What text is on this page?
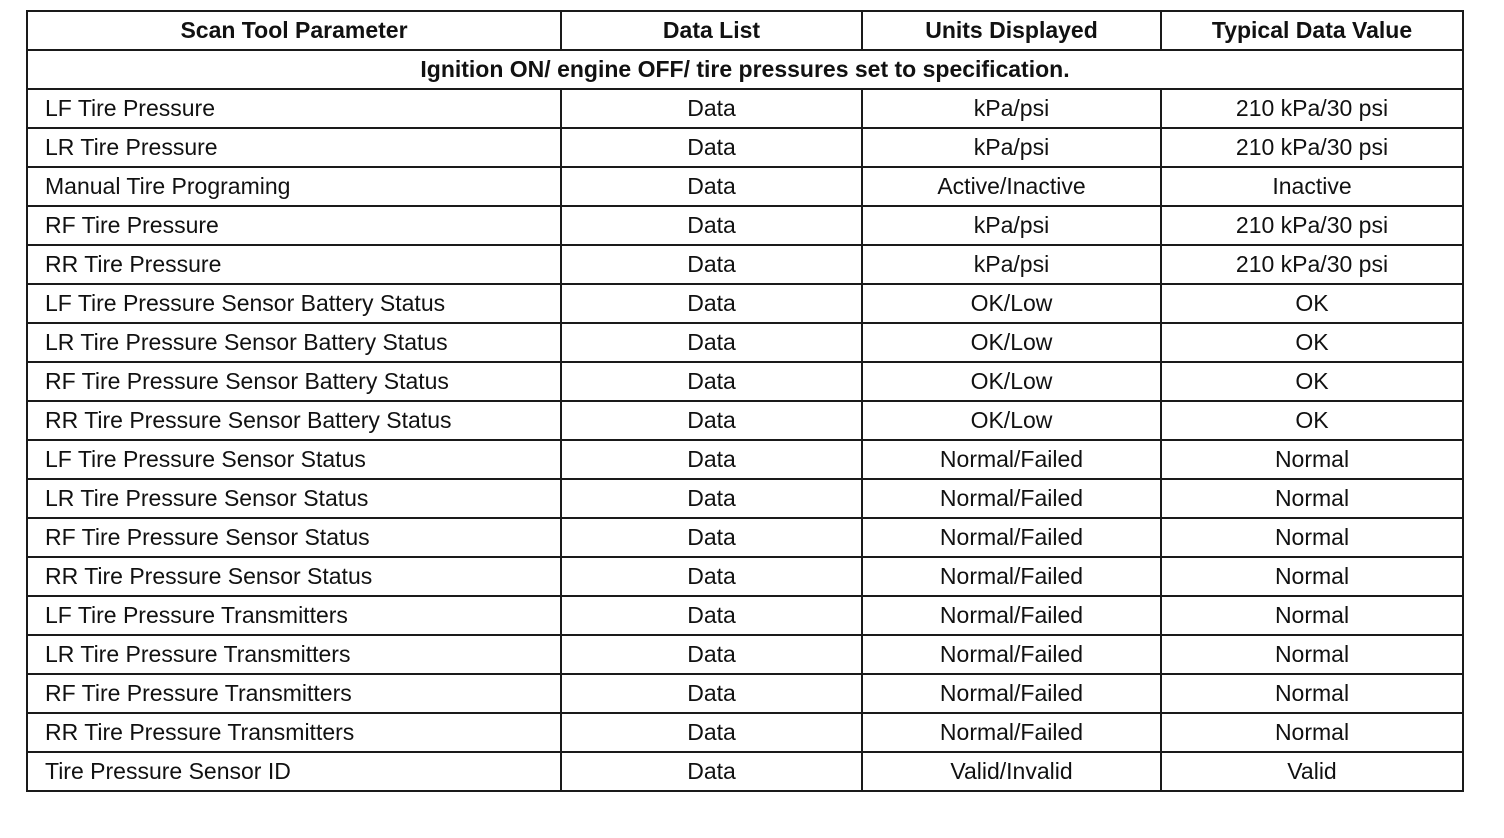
Scan Tool Parameter	Data List	Units Displayed	Typical Data Value
Ignition ON/ engine OFF/ tire pressures set to specification.			
LF Tire Pressure	Data	kPa/psi	210 kPa/30 psi
LR Tire Pressure	Data	kPa/psi	210 kPa/30 psi
Manual Tire Programing	Data	Active/Inactive	Inactive
RF Tire Pressure	Data	kPa/psi	210 kPa/30 psi
RR Tire Pressure	Data	kPa/psi	210 kPa/30 psi
LF Tire Pressure Sensor Battery Status	Data	OK/Low	OK
LR Tire Pressure Sensor Battery Status	Data	OK/Low	OK
RF Tire Pressure Sensor Battery Status	Data	OK/Low	OK
RR Tire Pressure Sensor Battery Status	Data	OK/Low	OK
LF Tire Pressure Sensor Status	Data	Normal/Failed	Normal
LR Tire Pressure Sensor Status	Data	Normal/Failed	Normal
RF Tire Pressure Sensor Status	Data	Normal/Failed	Normal
RR Tire Pressure Sensor Status	Data	Normal/Failed	Normal
LF Tire Pressure Transmitters	Data	Normal/Failed	Normal
LR Tire Pressure Transmitters	Data	Normal/Failed	Normal
RF Tire Pressure Transmitters	Data	Normal/Failed	Normal
RR Tire Pressure Transmitters	Data	Normal/Failed	Normal
Tire Pressure Sensor ID	Data	Valid/Invalid	Valid
